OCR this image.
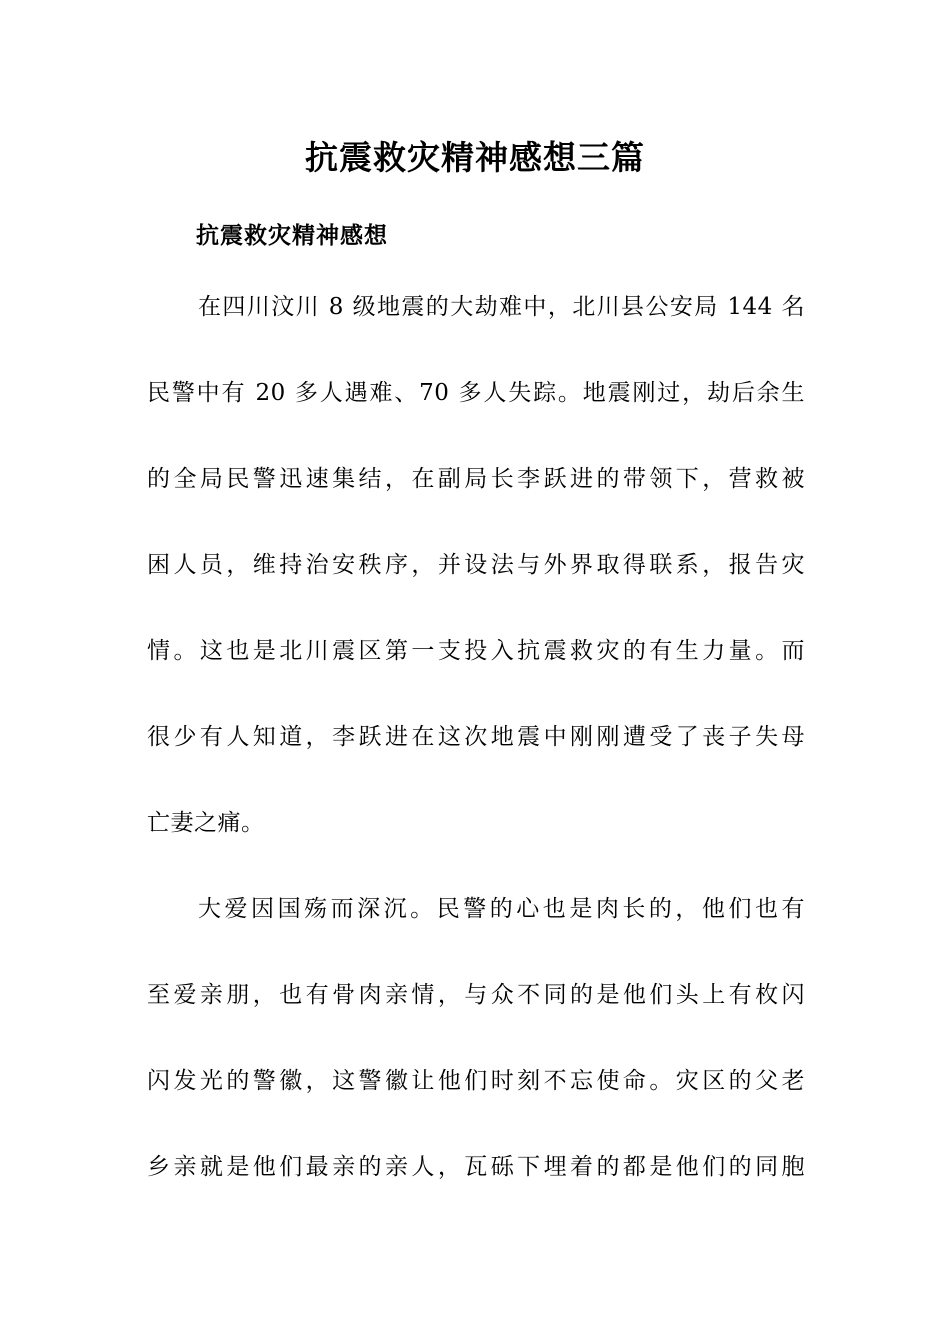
抗震救灾精神感想三篇
抗震救灾精神感想

在四川汶川 8 级地震的大劫难中，北川县公安局 144 名
民警中有 20 多人遇难、70 多人失踪。地震刚过，劫后余生
的全局民警迅速集结，在副局长李跃进的带领下，营救被
困人员，维持治安秩序，并设法与外界取得联系，报告灾
情。这也是北川震区第一支投入抗震救灾的有生力量。而
很少有人知道，李跃进在这次地震中刚刚遭受了丧子失母
亡妻之痛。

大爱因国殇而深沉。民警的心也是肉长的，他们也有
至爱亲朋，也有骨肉亲情，与众不同的是他们头上有枚闪
闪发光的警徽，这警徽让他们时刻不忘使命。灾区的父老
乡亲就是他们最亲的亲人，瓦砾下埋着的都是他们的同胞
